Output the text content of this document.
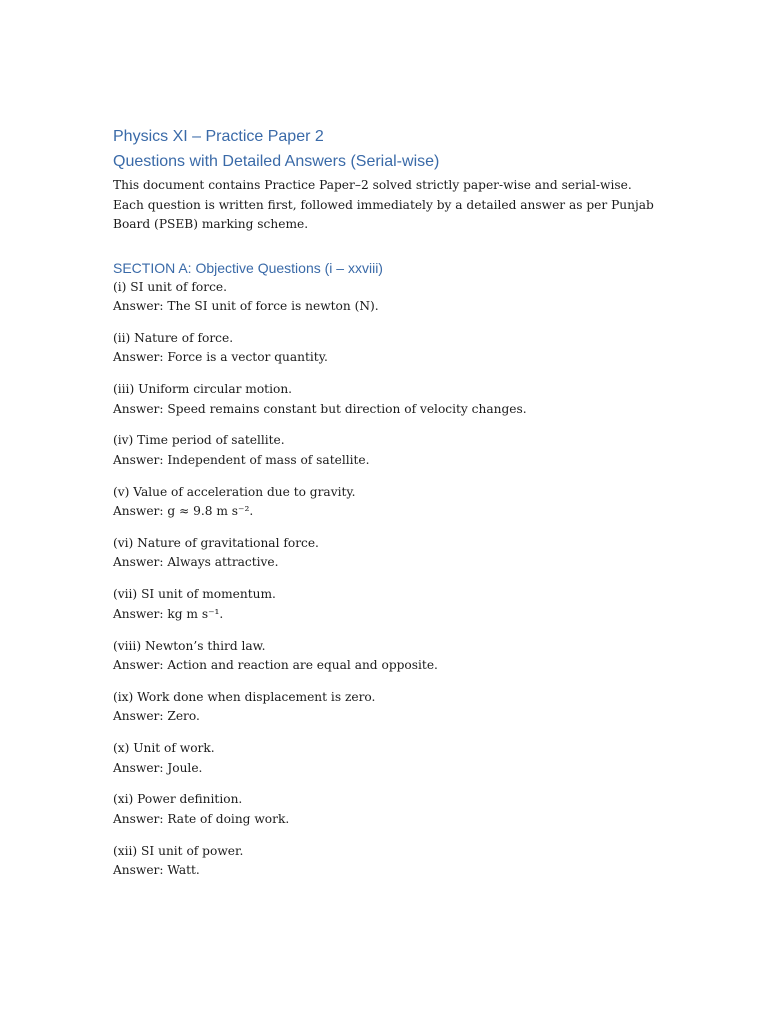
Physics XI – Practice Paper 2
Questions with Detailed Answers (Serial-wise)

This document contains Practice Paper–2 solved strictly paper-wise and serial-wise.
Each question is written first, followed immediately by a detailed answer as per Punjab
Board (PSEB) marking scheme.

SECTION A: Objective Questions (i – xxviii)
(i) SI unit of force.
Answer: The SI unit of force is newton (N).
(ii) Nature of force.
Answer: Force is a vector quantity.
(iii) Uniform circular motion.
Answer: Speed remains constant but direction of velocity changes.
(iv) Time period of satellite.
Answer: Independent of mass of satellite.
(v) Value of acceleration due to gravity.
Answer: g ≈ 9.8 m s⁻².
(vi) Nature of gravitational force.
Answer: Always attractive.
(vii) SI unit of momentum.
Answer: kg m s⁻¹.
(viii) Newton’s third law.
Answer: Action and reaction are equal and opposite.
(ix) Work done when displacement is zero.
Answer: Zero.
(x) Unit of work.
Answer: Joule.
(xi) Power definition.
Answer: Rate of doing work.
(xii) SI unit of power.
Answer: Watt.
